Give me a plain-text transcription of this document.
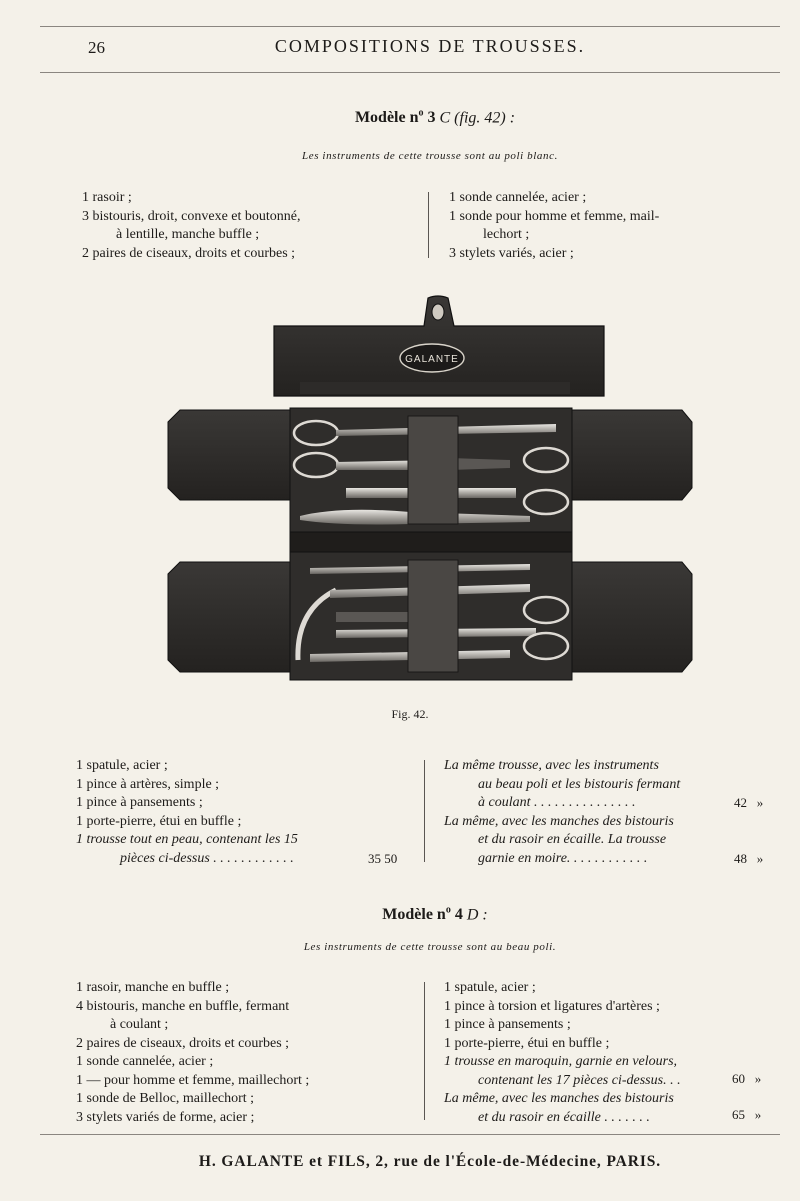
26	COMPOSITIONS DE TROUSSES.
Modèle $n^o$ 3 C (fig. 42) :
Les instruments de cette trousse sont au poli blanc.
1 rasoir ;
3 bistouris, droit, convexe et boutonné,
à lentille, manche buffle ;
2 paires de ciseaux, droits et courbes ;
1 sonde cannelée, acier ;
1 sonde pour homme et femme, mail-
lechort ;
3 stylets variés, acier ;
GALANTE
Fig. 42.
1 spatule, acier ;
1 pince à artères, simple ;
1 pince à pansements ;
1 porte-pierre, étui en buffle ;
1 trousse tout en peau, contenant les 15
pièces ci-dessus . . . . . . . . . . . .	35 50
La même trousse, avec les instruments
au beau poli et les bistouris fermant
à coulant . . . . . . . . . . . . . . .
La même, avec les manches des bistouris
et du rasoir en écaille. La trousse
garnie en moire. . . . . . . . . . . .
42 »
48 »
Modèle $n^o$ 4 D :
Les instruments de cette trousse sont au beau poli.
1 rasoir, manche en buffle ;
4 bistouris, manche en buffle, fermant
à coulant ;
2 paires de ciseaux, droits et courbes ;
1 sonde cannelée, acier ;
1 — pour homme et femme, maillechort ;
1 sonde de Belloc, maillechort ;
3 stylets variés de forme, acier ;
1 spatule, acier ;
1 pince à torsion et ligatures d'artères ;
1 pince à pansements ;
1 porte-pierre, étui en buffle ;
1 trousse en maroquin, garnie en velours,
contenant les 17 pièces ci-dessus. . .
La même, avec les manches des bistouris
et du rasoir en écaille . . . . . . .
60 »
65 »
H. GALANTE et FILS, 2, rue de l'École-de-Médecine, PARIS.
